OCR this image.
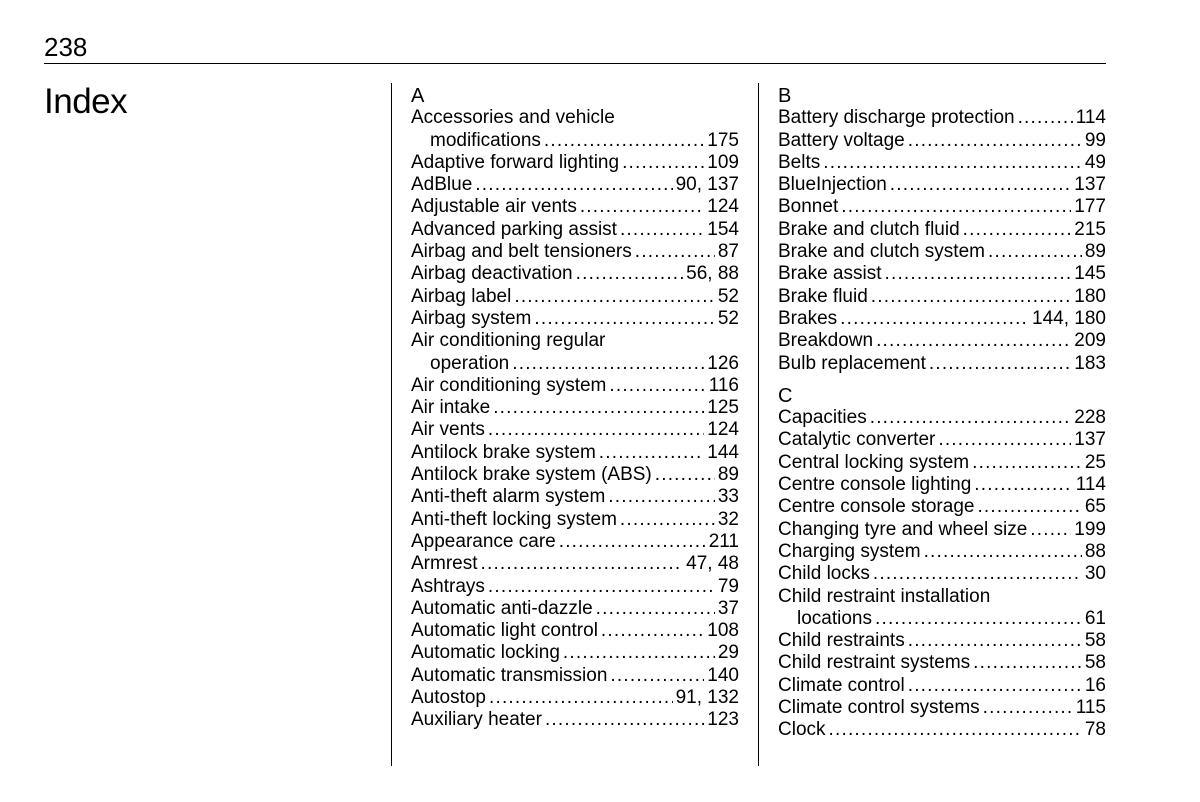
238
Index	A
Accessories and vehicle
modifications .....	175
Adaptive forward lighting .....	109
AdBlue .....	90, 137
Adjustable air vents .....	124
Advanced parking assist .....	154
Airbag and belt tensioners .....	87
Airbag deactivation .....	56, 88
Airbag label .....	52
Airbag system .....	52
Air conditioning regular
operation .....	126
Air conditioning system .....	116
Air intake .....	125
Air vents .....	124
Antilock brake system .....	144
Antilock brake system (ABS) .....	89
Anti-theft alarm system .....	33
Anti-theft locking system .....	32
Appearance care .....	211
Armrest .....	47, 48
Ashtrays .....	79
Automatic anti-dazzle .....	37
Automatic light control .....	108
Automatic locking .....	29
Automatic transmission .....	140
Autostop .....	91, 132
Auxiliary heater .....	123
B
Battery discharge protection .....	114
Battery voltage .....	99
Belts .....	49
BlueInjection .....	137
Bonnet .....	177
Brake and clutch fluid .....	215
Brake and clutch system .....	89
Brake assist .....	145
Brake fluid .....	180
Brakes .....	144, 180
Breakdown .....	209
Bulb replacement .....	183
C
Capacities .....	228
Catalytic converter .....	137
Central locking system .....	25
Centre console lighting .....	114
Centre console storage .....	65
Changing tyre and wheel size ..... 199
Charging system .....	88
Child locks .....	30
Child restraint installation
locations .....	61
Child restraints .....	58
Child restraint systems .....	58
Climate control .....	16
Climate control systems .....	115
Clock .....	78
